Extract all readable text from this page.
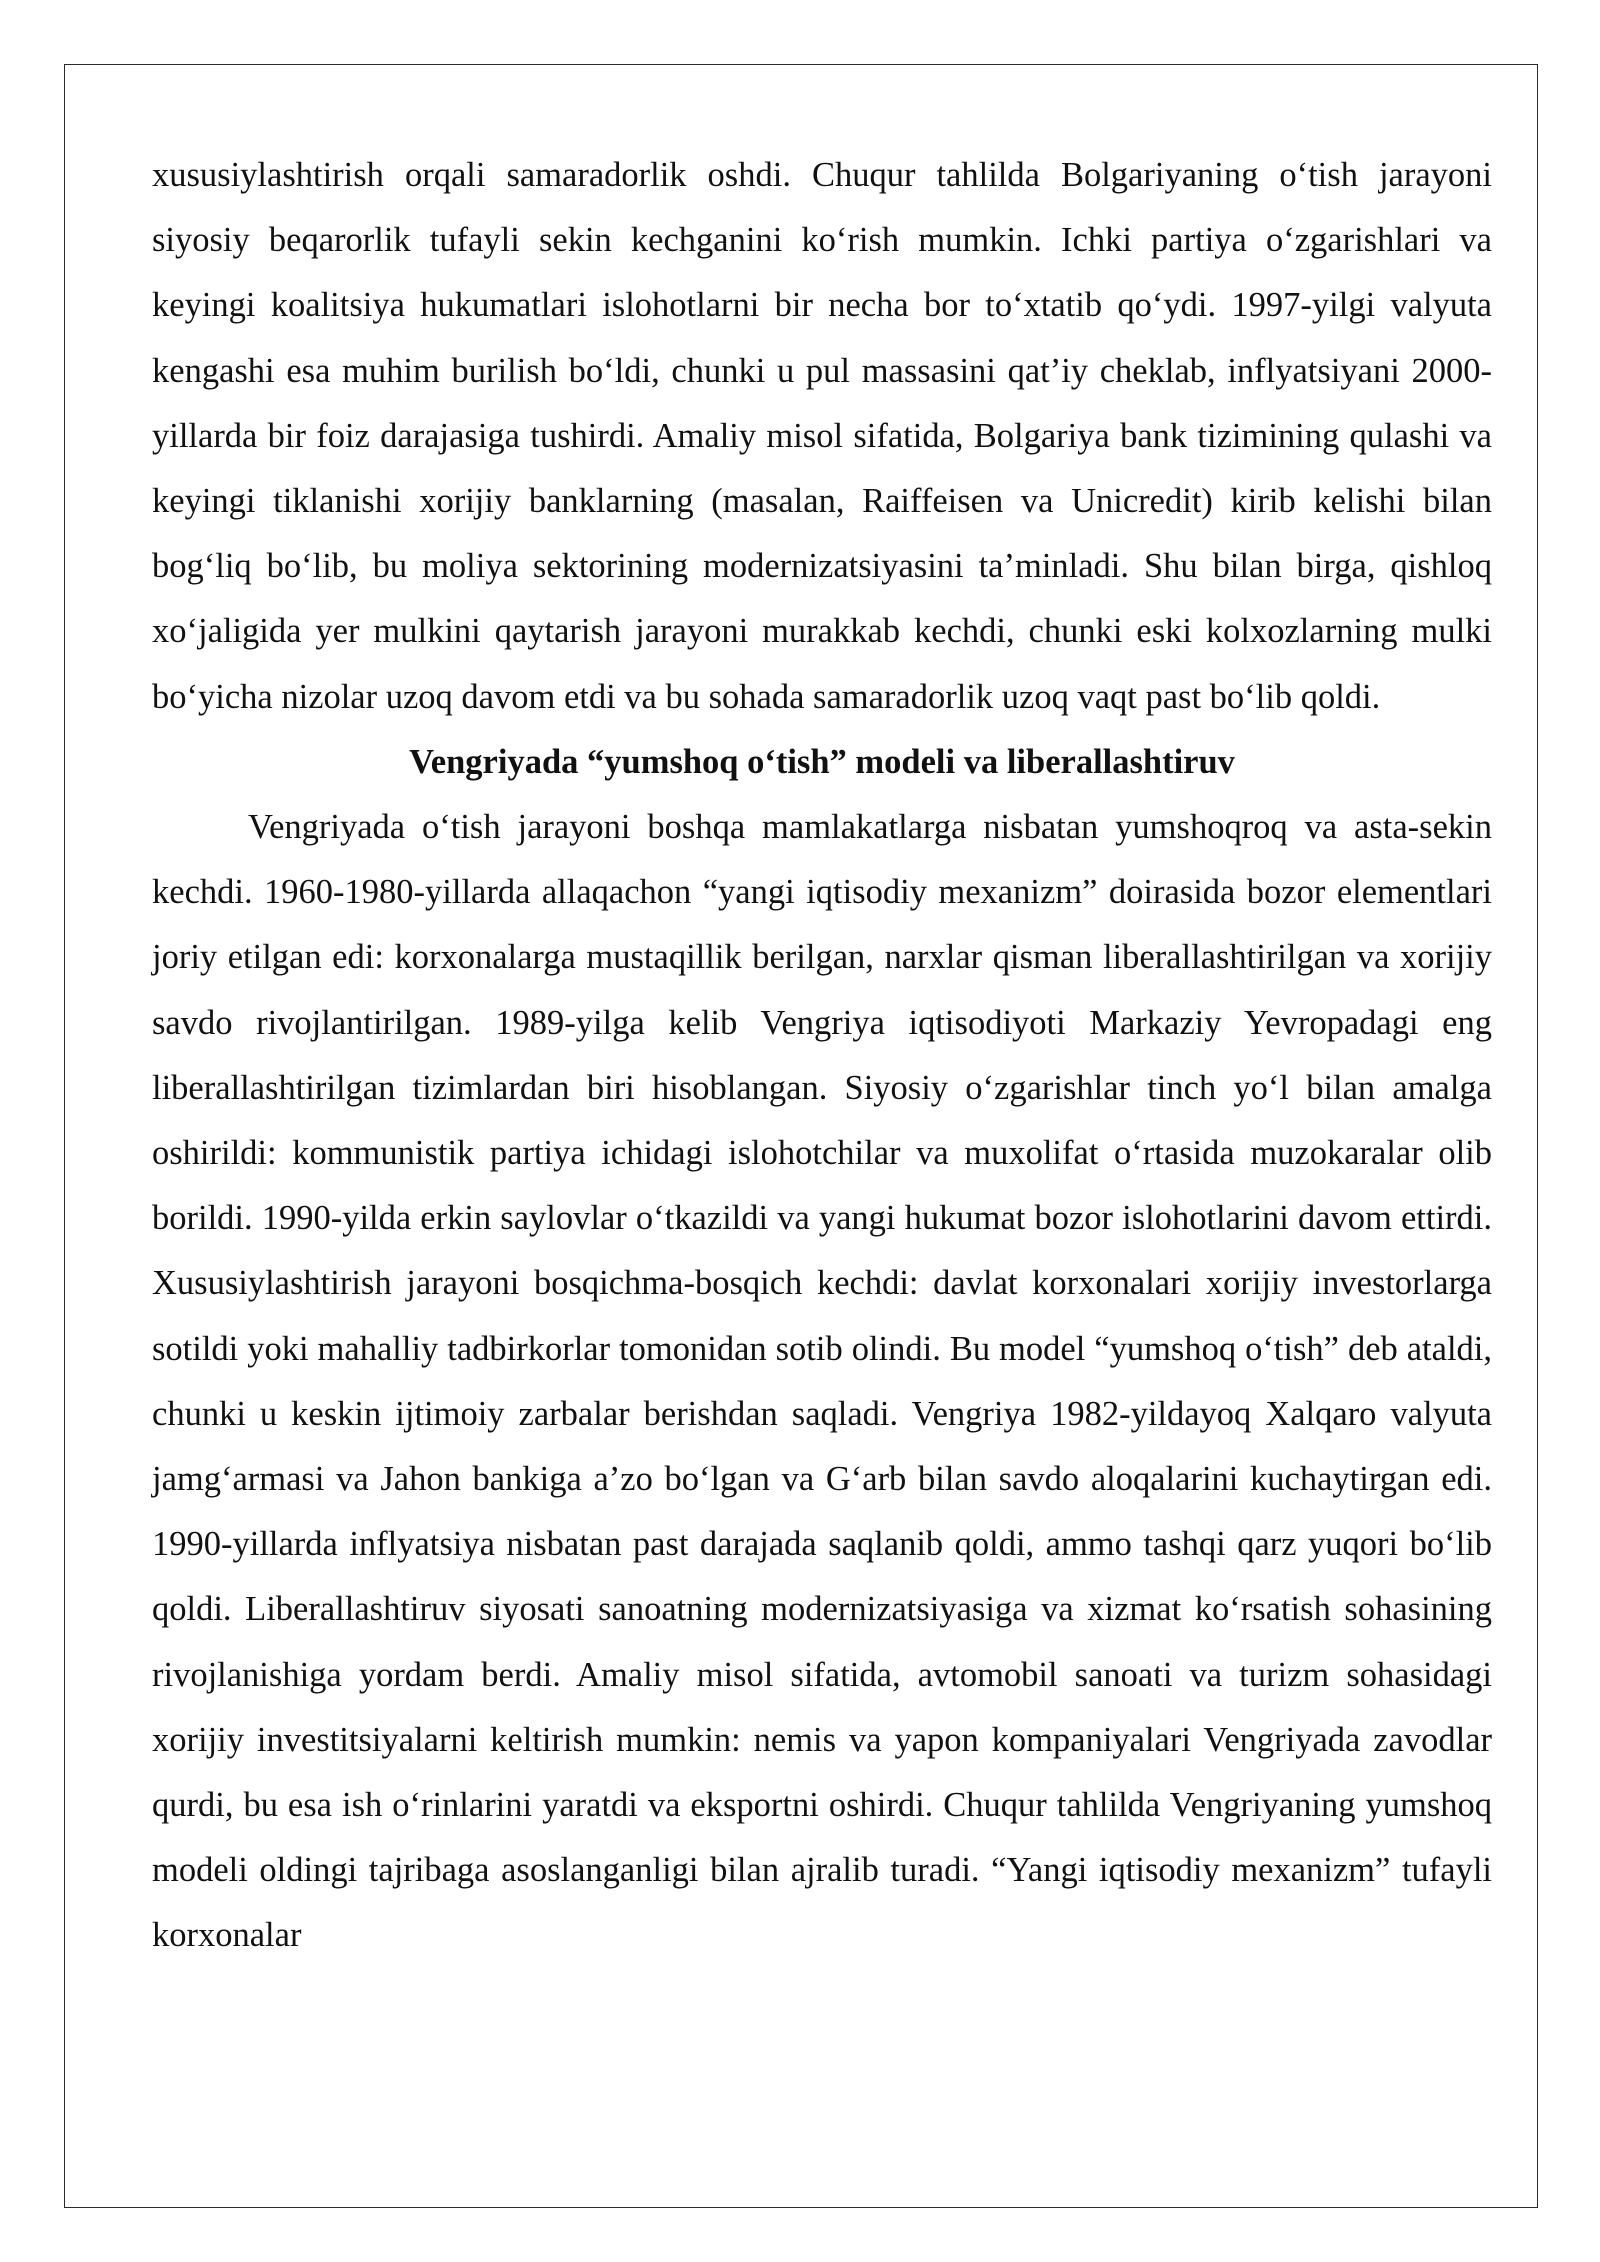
xususiylashtirish orqali samaradorlik oshdi. Chuqur tahlilda Bolgariyaning oʻtish jarayoni siyosiy beqarorlik tufayli sekin kechganini koʻrish mumkin. Ichki partiya oʻzgarishlari va keyingi koalitsiya hukumatlari islohotlarni bir necha bor toʻxtatib qoʻydi. 1997-yilgi valyuta kengashi esa muhim burilish boʻldi, chunki u pul massasini qat’iy cheklab, inflyatsiyani 2000-yillarda bir foiz darajasiga tushirdi. Amaliy misol sifatida, Bolgariya bank tizimining qulashi va keyingi tiklanishi xorijiy banklarning (masalan, Raiffeisen va Unicredit) kirib kelishi bilan bogʻliq boʻlib, bu moliya sektorining modernizatsiyasini ta’minladi. Shu bilan birga, qishloq xoʻjaligida yer mulkini qaytarish jarayoni murakkab kechdi, chunki eski kolxozlarning mulki boʻyicha nizolar uzoq davom etdi va bu sohada samaradorlik uzoq vaqt past boʻlib qoldi.

Vengriyada “yumshoq oʻtish” modeli va liberallashtiruv

Vengriyada oʻtish jarayoni boshqa mamlakatlarga nisbatan yumshoqroq va asta-sekin kechdi. 1960-1980-yillarda allaqachon “yangi iqtisodiy mexanizm” doirasida bozor elementlari joriy etilgan edi: korxonalarga mustaqillik berilgan, narxlar qisman liberallashtirilgan va xorijiy savdo rivojlantirilgan. 1989-yilga kelib Vengriya iqtisodiyoti Markaziy Yevropadagi eng liberallashtirilgan tizimlardan biri hisoblangan. Siyosiy oʻzgarishlar tinch yoʻl bilan amalga oshirildi: kommunistik partiya ichidagi islohotchilar va muxolifat oʻrtasida muzokaralar olib borildi. 1990-yilda erkin saylovlar oʻtkazildi va yangi hukumat bozor islohotlarini davom ettirdi. Xususiylashtirish jarayoni bosqichma-bosqich kechdi: davlat korxonalari xorijiy investorlarga sotildi yoki mahalliy tadbirkorlar tomonidan sotib olindi. Bu model “yumshoq oʻtish” deb ataldi, chunki u keskin ijtimoiy zarbalar berishdan saqladi. Vengriya 1982-yildayoq Xalqaro valyuta jamgʻarmasi va Jahon bankiga a’zo boʻlgan va Gʻarb bilan savdo aloqalarini kuchaytirgan edi. 1990-yillarda inflyatsiya nisbatan past darajada saqlanib qoldi, ammo tashqi qarz yuqori boʻlib qoldi. Liberallashtiruv siyosati sanoatning modernizatsiyasiga va xizmat koʻrsatish sohasining rivojlanishiga yordam berdi. Amaliy misol sifatida, avtomobil sanoati va turizm sohasidagi xorijiy investitsiyalarni keltirish mumkin: nemis va yapon kompaniyalari Vengriyada zavodlar qurdi, bu esa ish oʻrinlarini yaratdi va eksportni oshirdi. Chuqur tahlilda Vengriyaning yumshoq modeli oldingi tajribaga asoslanganligi bilan ajralib turadi. “Yangi iqtisodiy mexanizm” tufayli korxonalar
